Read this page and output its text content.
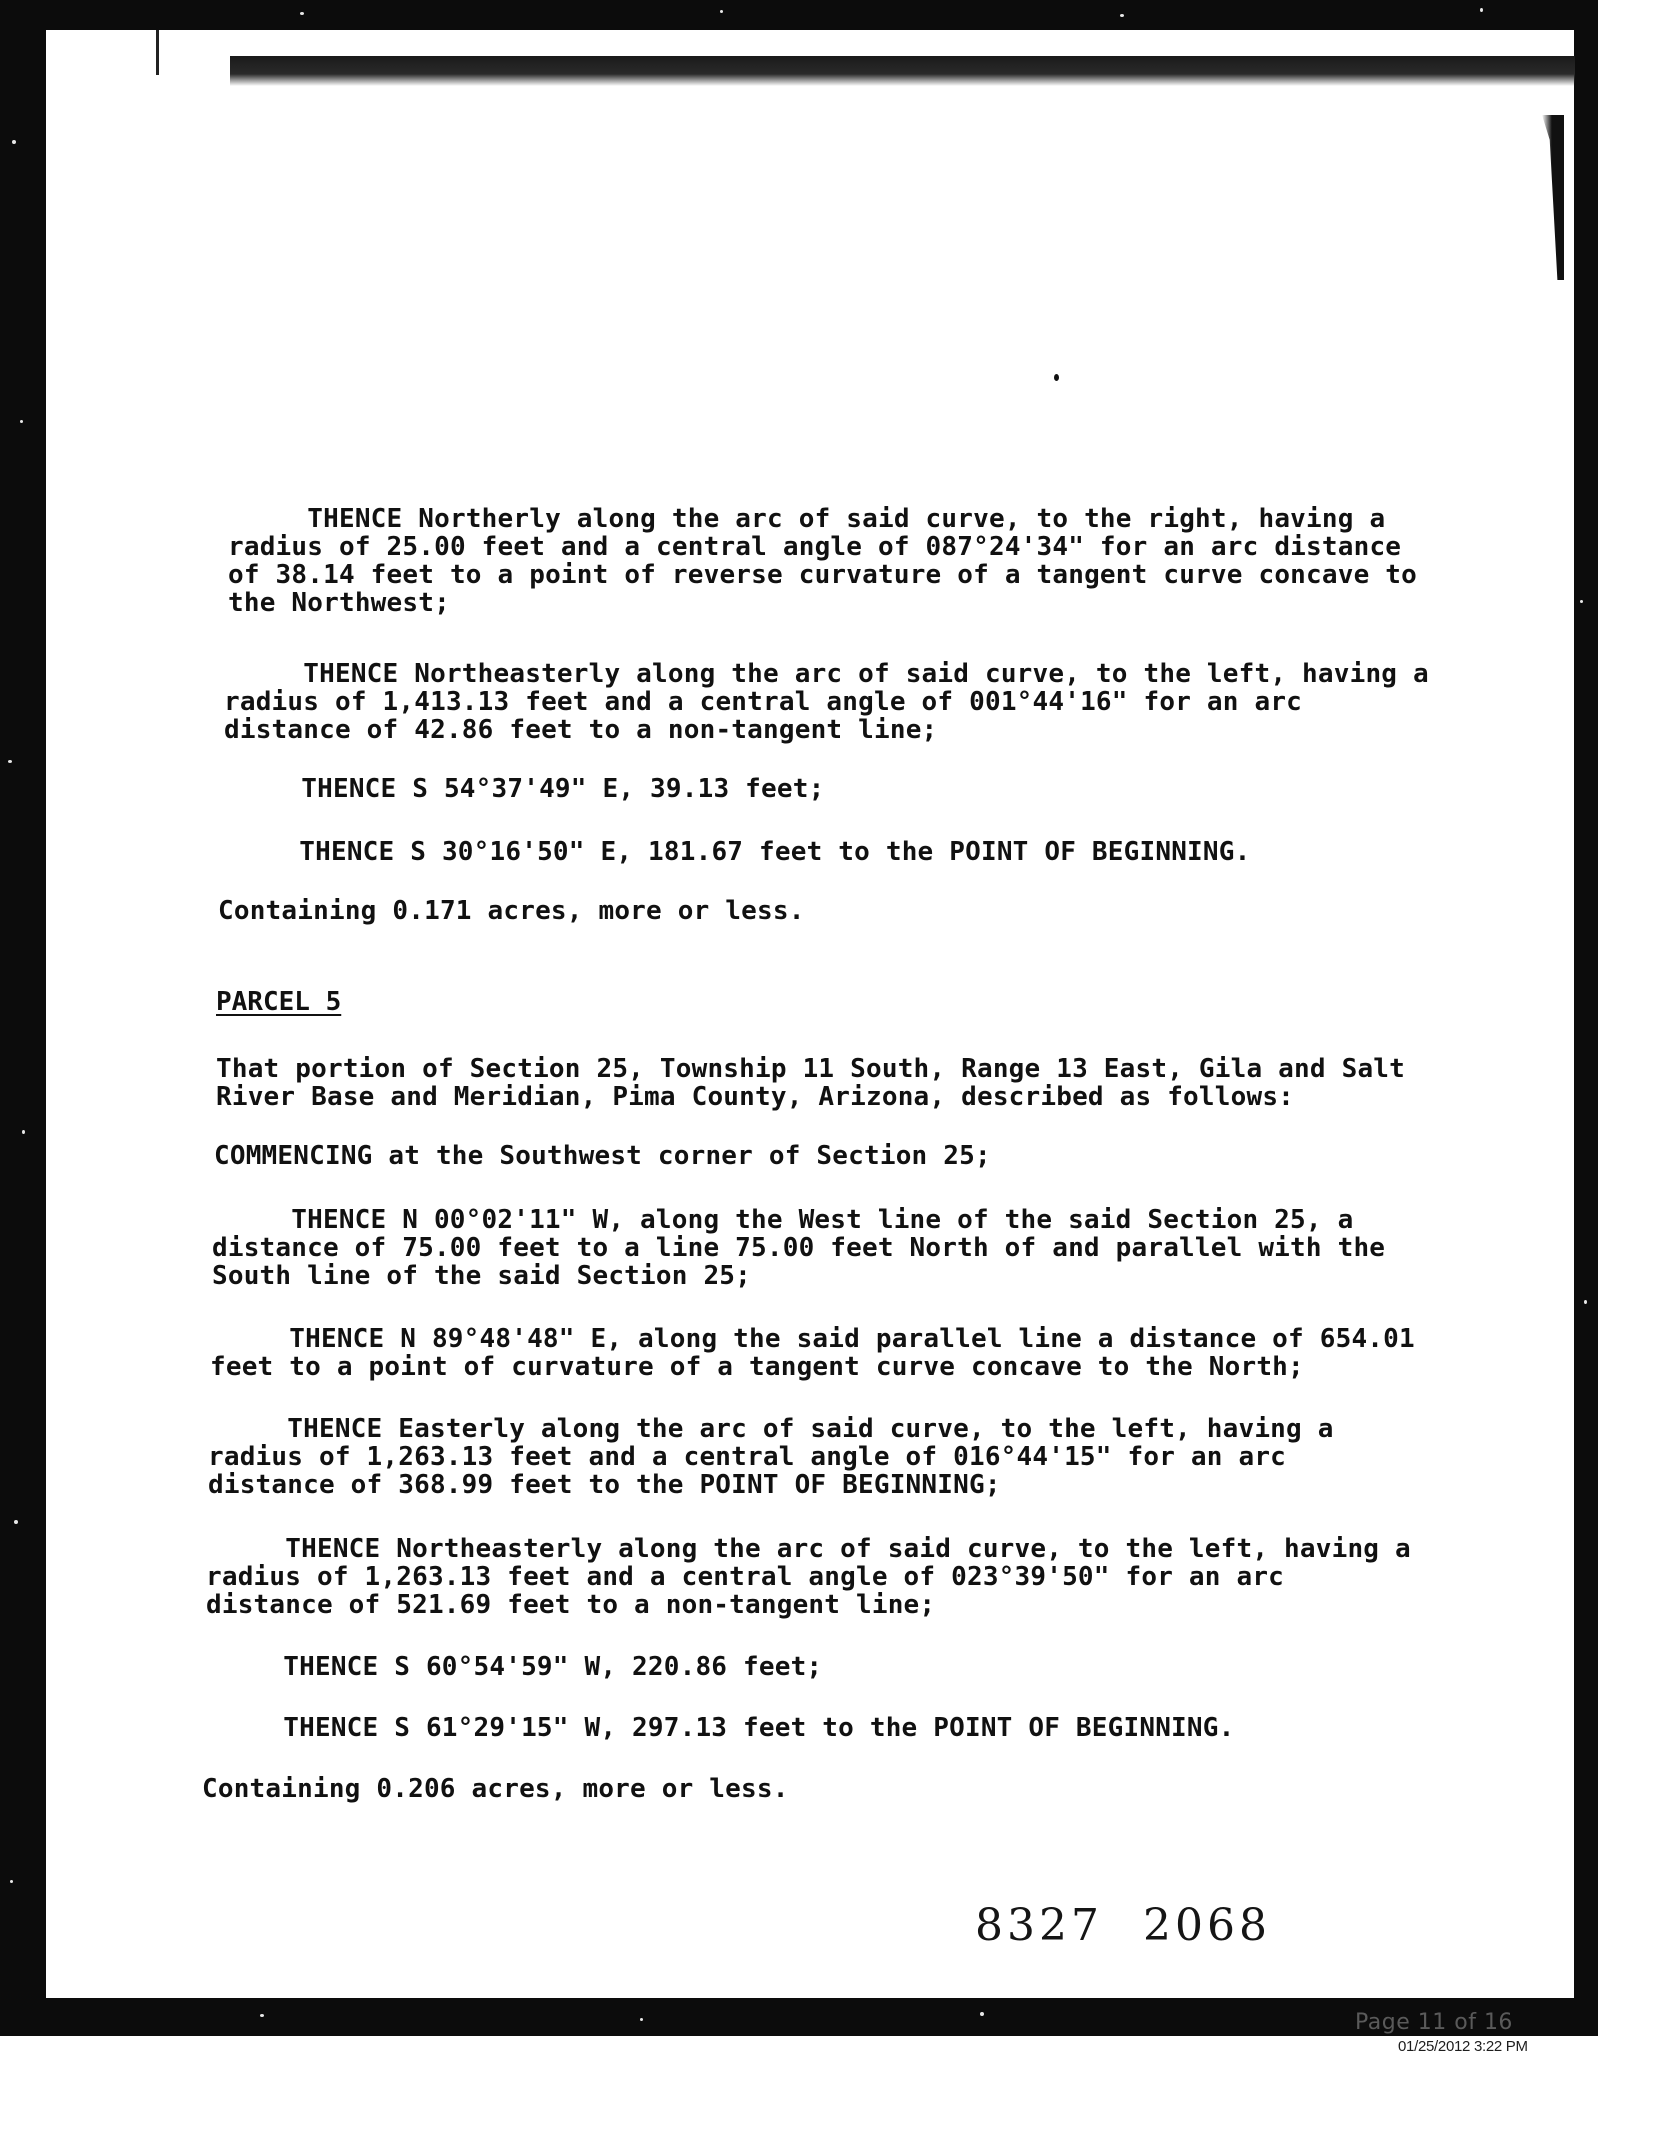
THENCE Northerly along the arc of said curve, to the right, having a
radius of 25.00 feet and a central angle of 087°24'34" for an arc distance
of 38.14 feet to a point of reverse curvature of a tangent curve concave to
the Northwest;
THENCE Northeasterly along the arc of said curve, to the left, having a
radius of 1,413.13 feet and a central angle of 001°44'16" for an arc
distance of 42.86 feet to a non-tangent line;
THENCE S 54°37'49" E, 39.13 feet;
THENCE S 30°16'50" E, 181.67 feet to the POINT OF BEGINNING.
Containing 0.171 acres, more or less.
PARCEL 5
That portion of Section 25, Township 11 South, Range 13 East, Gila and Salt
River Base and Meridian, Pima County, Arizona, described as follows:
COMMENCING at the Southwest corner of Section 25;
THENCE N 00°02'11" W, along the West line of the said Section 25, a
distance of 75.00 feet to a line 75.00 feet North of and parallel with the
South line of the said Section 25;
THENCE N 89°48'48" E, along the said parallel line a distance of 654.01
feet to a point of curvature of a tangent curve concave to the North;
THENCE Easterly along the arc of said curve, to the left, having a
radius of 1,263.13 feet and a central angle of 016°44'15" for an arc
distance of 368.99 feet to the POINT OF BEGINNING;
THENCE Northeasterly along the arc of said curve, to the left, having a
radius of 1,263.13 feet and a central angle of 023°39'50" for an arc
distance of 521.69 feet to a non-tangent line;
THENCE S 60°54'59" W, 220.86 feet;
THENCE S 61°29'15" W, 297.13 feet to the POINT OF BEGINNING.
Containing 0.206 acres, more or less.
8327 2068
Page 11 of 16
01/25/2012 3:22 PM
